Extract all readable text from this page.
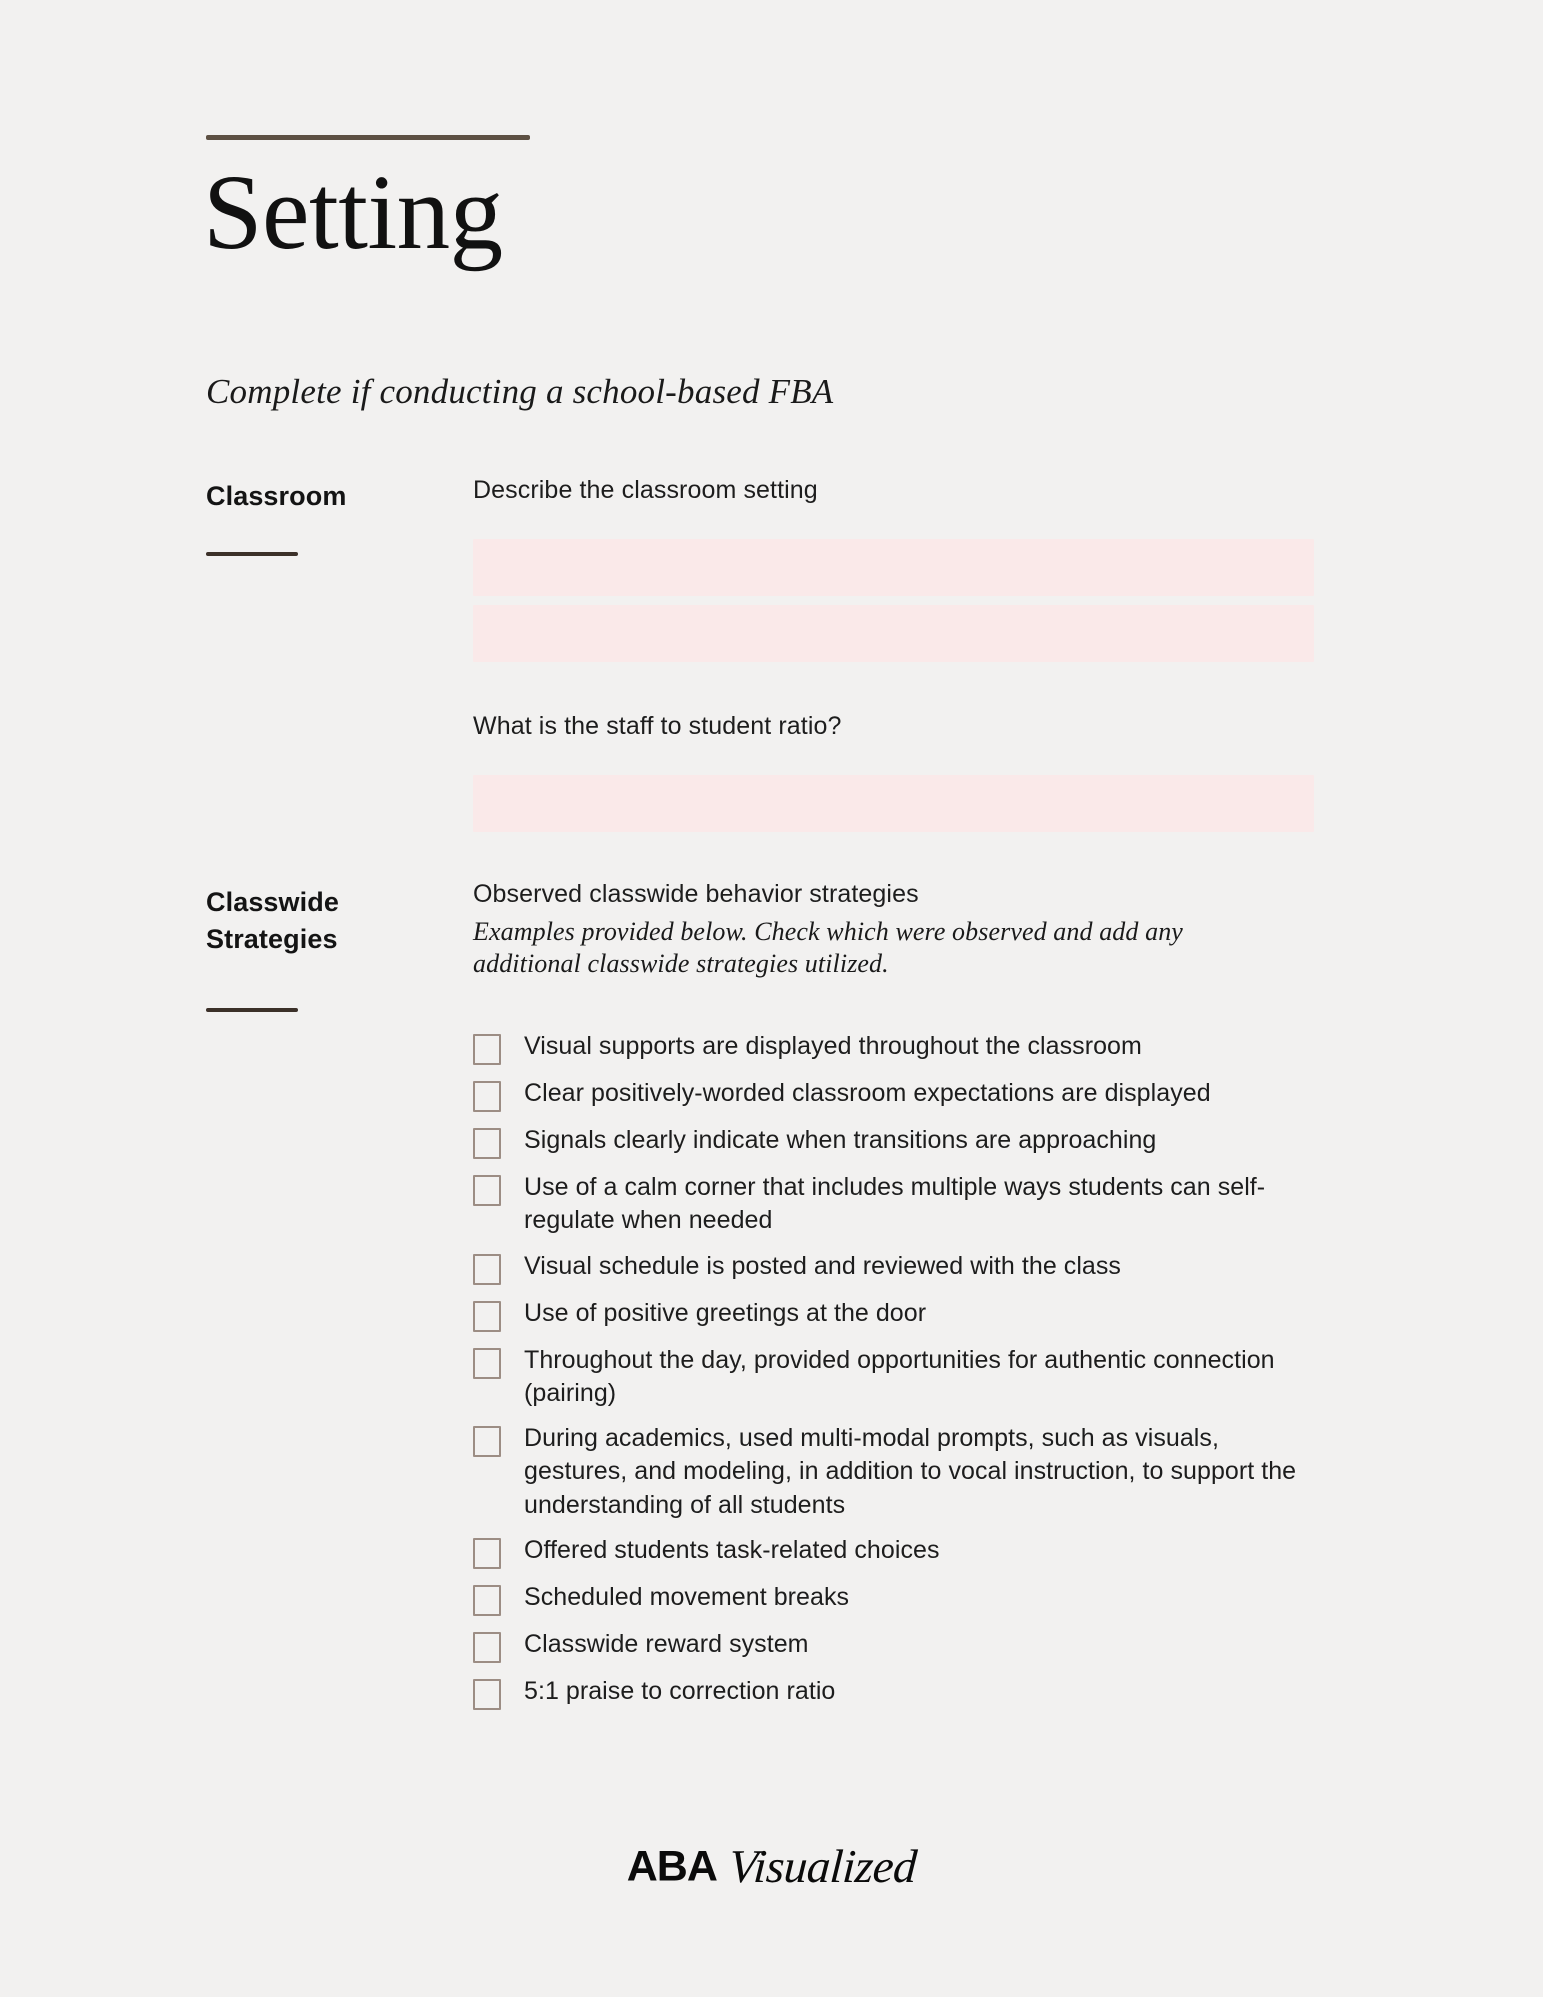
Setting
Complete if conducting a school-based FBA
Classroom	Describe the classroom setting
What is the staff to student ratio?
Classwide
Strategies
Observed classwide behavior strategies
Examples provided below. Check which were observed and add any additional classwide strategies utilized.
Visual supports are displayed throughout the classroom
Clear positively-worded classroom expectations are displayed
Signals clearly indicate when transitions are approaching
Use of a calm corner that includes multiple ways students can self-regulate when needed
Visual schedule is posted and reviewed with the class
Use of positive greetings at the door
Throughout the day, provided opportunities for authentic connection (pairing)
During academics, used multi-modal prompts, such as visuals, gestures, and modeling, in addition to vocal instruction, to support the understanding of all students
Offered students task-related choices
Scheduled movement breaks
Classwide reward system
5:1 praise to correction ratio
ABA Visualized
